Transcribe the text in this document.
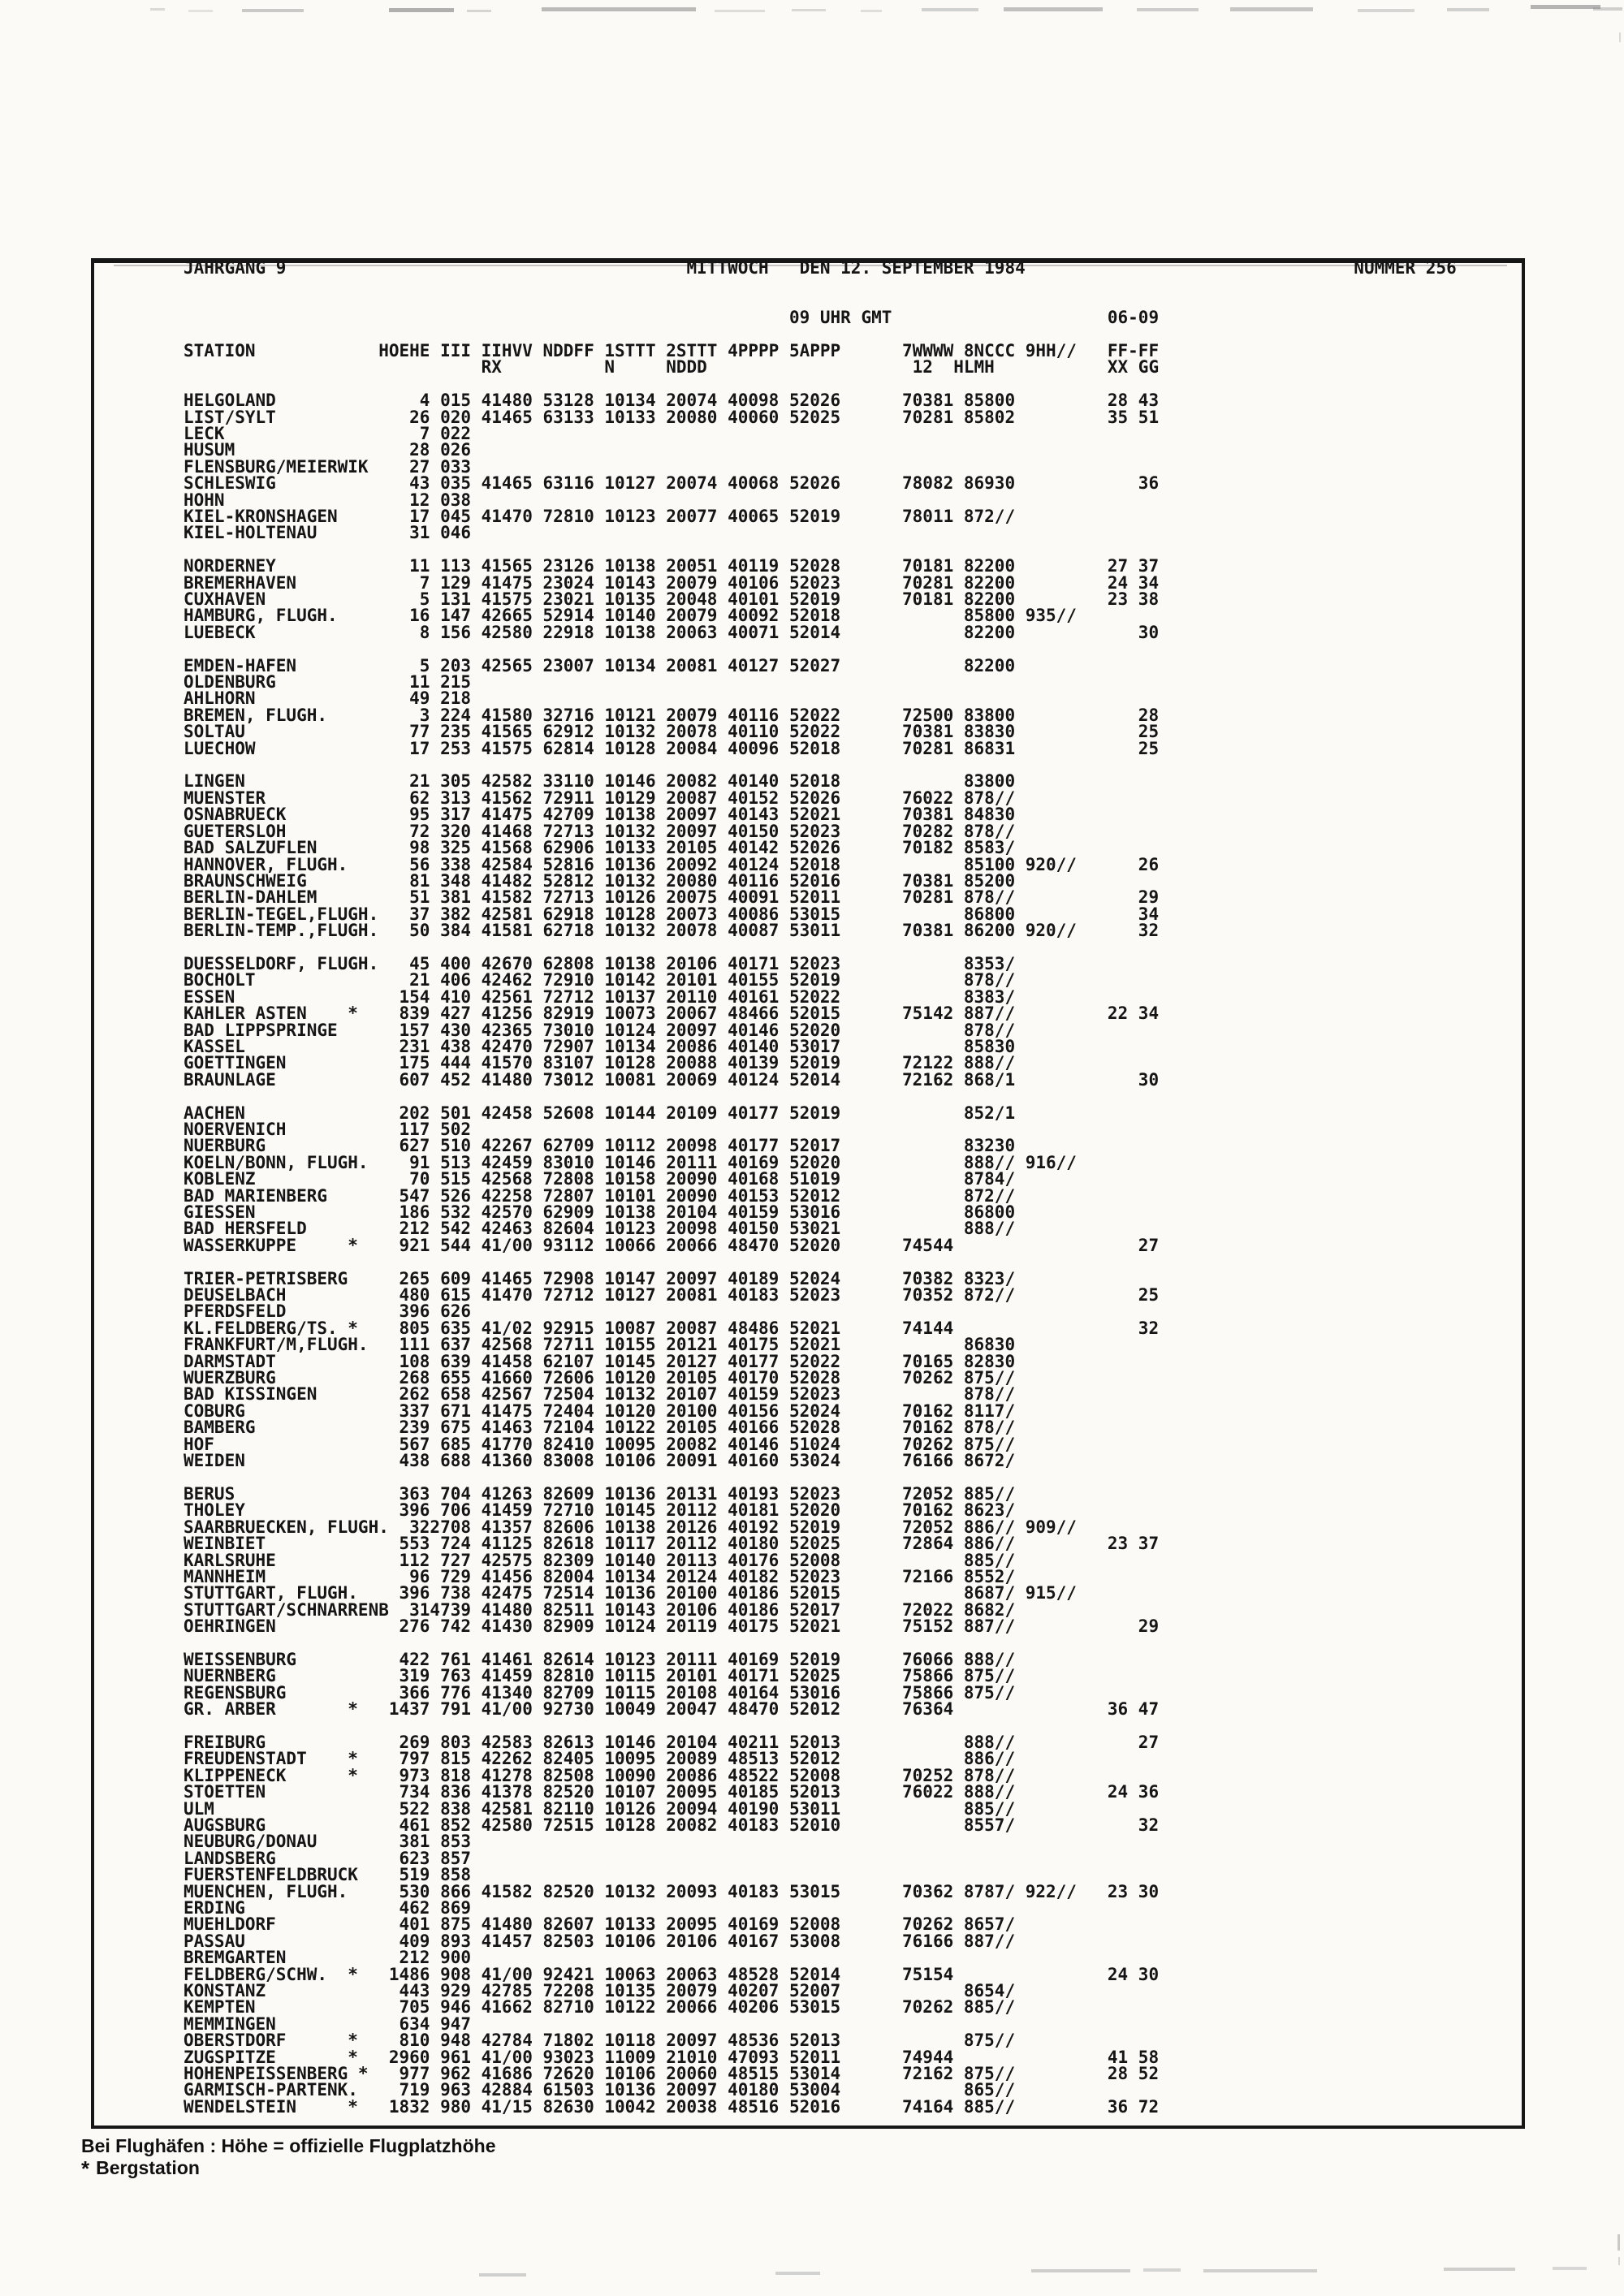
JAHRGANG 9                                       MITTWOCH   DEN 12. SEPTEMBER 1984                                NUMMER 256
09 UHR GMT                     06-09
STATION            HOEHE III IIHVV NDDFF 1STTT 2STTT 4PPPP 5APPP      7WWWW 8NCCC 9HH//   FF-FF
RX          N     NDDD                    12  HLMH           XX GG
HELGOLAND              4 015 41480 53128 10134 20074 40098 52026      70381 85800         28 43
LIST/SYLT             26 020 41465 63133 10133 20080 40060 52025      70281 85802         35 51
LECK                   7 022
HUSUM                 28 026
FLENSBURG/MEIERWIK    27 033
SCHLESWIG             43 035 41465 63116 10127 20074 40068 52026      78082 86930            36
HOHN                  12 038
KIEL-KRONSHAGEN       17 045 41470 72810 10123 20077 40065 52019      78011 872//
KIEL-HOLTENAU         31 046
NORDERNEY             11 113 41565 23126 10138 20051 40119 52028      70181 82200         27 37
BREMERHAVEN            7 129 41475 23024 10143 20079 40106 52023      70281 82200         24 34
CUXHAVEN               5 131 41575 23021 10135 20048 40101 52019      70181 82200         23 38
HAMBURG, FLUGH.       16 147 42665 52914 10140 20079 40092 52018            85800 935//
LUEBECK                8 156 42580 22918 10138 20063 40071 52014            82200            30
EMDEN-HAFEN            5 203 42565 23007 10134 20081 40127 52027            82200
OLDENBURG             11 215
AHLHORN               49 218
BREMEN, FLUGH.         3 224 41580 32716 10121 20079 40116 52022      72500 83800            28
SOLTAU                77 235 41565 62912 10132 20078 40110 52022      70381 83830            25
LUECHOW               17 253 41575 62814 10128 20084 40096 52018      70281 86831            25
LINGEN                21 305 42582 33110 10146 20082 40140 52018            83800
MUENSTER              62 313 41562 72911 10129 20087 40152 52026      76022 878//
OSNABRUECK            95 317 41475 42709 10138 20097 40143 52021      70381 84830
GUETERSLOH            72 320 41468 72713 10132 20097 40150 52023      70282 878//
BAD SALZUFLEN         98 325 41568 62906 10133 20105 40142 52026      70182 8583/
HANNOVER, FLUGH.      56 338 42584 52816 10136 20092 40124 52018            85100 920//      26
BRAUNSCHWEIG          81 348 41482 52812 10132 20080 40116 52016      70381 85200
BERLIN-DAHLEM         51 381 41582 72713 10126 20075 40091 52011      70281 878//            29
BERLIN-TEGEL,FLUGH.   37 382 42581 62918 10128 20073 40086 53015            86800            34
BERLIN-TEMP.,FLUGH.   50 384 41581 62718 10132 20078 40087 53011      70381 86200 920//      32
DUESSELDORF, FLUGH.   45 400 42670 62808 10138 20106 40171 52023            8353/
BOCHOLT               21 406 42462 72910 10142 20101 40155 52019            878//
ESSEN                154 410 42561 72712 10137 20110 40161 52022            8383/
KAHLER ASTEN    *    839 427 41256 82919 10073 20067 48466 52015      75142 887//         22 34
BAD LIPPSPRINGE      157 430 42365 73010 10124 20097 40146 52020            878//
KASSEL               231 438 42470 72907 10134 20086 40140 53017            85830
GOETTINGEN           175 444 41570 83107 10128 20088 40139 52019      72122 888//
BRAUNLAGE            607 452 41480 73012 10081 20069 40124 52014      72162 868/1            30
AACHEN               202 501 42458 52608 10144 20109 40177 52019            852/1
NOERVENICH           117 502
NUERBURG             627 510 42267 62709 10112 20098 40177 52017            83230
KOELN/BONN, FLUGH.    91 513 42459 83010 10146 20111 40169 52020            888// 916//
KOBLENZ               70 515 42568 72808 10158 20090 40168 51019            8784/
BAD MARIENBERG       547 526 42258 72807 10101 20090 40153 52012            872//
GIESSEN              186 532 42570 62909 10138 20104 40159 53016            86800
BAD HERSFELD         212 542 42463 82604 10123 20098 40150 53021            888//
WASSERKUPPE     *    921 544 41/00 93112 10066 20066 48470 52020      74544                  27
TRIER-PETRISBERG     265 609 41465 72908 10147 20097 40189 52024      70382 8323/
DEUSELBACH           480 615 41470 72712 10127 20081 40183 52023      70352 872//            25
PFERDSFELD           396 626
KL.FELDBERG/TS. *    805 635 41/02 92915 10087 20087 48486 52021      74144                  32
FRANKFURT/M,FLUGH.   111 637 42568 72711 10155 20121 40175 52021            86830
DARMSTADT            108 639 41458 62107 10145 20127 40177 52022      70165 82830
WUERZBURG            268 655 41660 72606 10120 20105 40170 52028      70262 875//
BAD KISSINGEN        262 658 42567 72504 10132 20107 40159 52023            878//
COBURG               337 671 41475 72404 10120 20100 40156 52024      70162 8117/
BAMBERG              239 675 41463 72104 10122 20105 40166 52028      70162 878//
HOF                  567 685 41770 82410 10095 20082 40146 51024      70262 875//
WEIDEN               438 688 41360 83008 10106 20091 40160 53024      76166 8672/
BERUS                363 704 41263 82609 10136 20131 40193 52023      72052 885//
THOLEY               396 706 41459 72710 10145 20112 40181 52020      70162 8623/
SAARBRUECKEN, FLUGH.  322708 41357 82606 10138 20126 40192 52019      72052 886// 909//
WEINBIET             553 724 41125 82618 10117 20112 40180 52025      72864 886//         23 37
KARLSRUHE            112 727 42575 82309 10140 20113 40176 52008            885//
MANNHEIM              96 729 41456 82004 10134 20124 40182 52023      72166 8552/
STUTTGART, FLUGH.    396 738 42475 72514 10136 20100 40186 52015            8687/ 915//
STUTTGART/SCHNARRENB  314739 41480 82511 10143 20106 40186 52017      72022 8682/
OEHRINGEN            276 742 41430 82909 10124 20119 40175 52021      75152 887//            29
WEISSENBURG          422 761 41461 82614 10123 20111 40169 52019      76066 888//
NUERNBERG            319 763 41459 82810 10115 20101 40171 52025      75866 875//
REGENSBURG           366 776 41340 82709 10115 20108 40164 53016      75866 875//
GR. ARBER       *   1437 791 41/00 92730 10049 20047 48470 52012      76364               36 47
FREIBURG             269 803 42583 82613 10146 20104 40211 52013            888//            27
FREUDENSTADT    *    797 815 42262 82405 10095 20089 48513 52012            886//
KLIPPENECK      *    973 818 41278 82508 10090 20086 48522 52008      70252 878//
STOETTEN             734 836 41378 82520 10107 20095 40185 52013      76022 888//         24 36
ULM                  522 838 42581 82110 10126 20094 40190 53011            885//
AUGSBURG             461 852 42580 72515 10128 20082 40183 52010            8557/            32
NEUBURG/DONAU        381 853
LANDSBERG            623 857
FUERSTENFELDBRUCK    519 858
MUENCHEN, FLUGH.     530 866 41582 82520 10132 20093 40183 53015      70362 8787/ 922//   23 30
ERDING               462 869
MUEHLDORF            401 875 41480 82607 10133 20095 40169 52008      70262 8657/
PASSAU               409 893 41457 82503 10106 20106 40167 53008      76166 887//
BREMGARTEN           212 900
FELDBERG/SCHW.  *   1486 908 41/00 92421 10063 20063 48528 52014      75154               24 30
KONSTANZ             443 929 42785 72208 10135 20079 40207 52007            8654/
KEMPTEN              705 946 41662 82710 10122 20066 40206 53015      70262 885//
MEMMINGEN            634 947
OBERSTDORF      *    810 948 42784 71802 10118 20097 48536 52013            875//
ZUGSPITZE       *   2960 961 41/00 93023 11009 21010 47093 52011      74944               41 58
HOHENPEISSENBERG *   977 962 41686 72620 10106 20060 48515 53014      72162 875//         28 52
GARMISCH-PARTENK.    719 963 42884 61503 10136 20097 40180 53004            865//
WENDELSTEIN     *   1832 980 41/15 82630 10042 20038 48516 52016      74164 885//         36 72
Bei Flughäfen : Höhe = offizielle Flugplatzhöhe
* Bergstation
